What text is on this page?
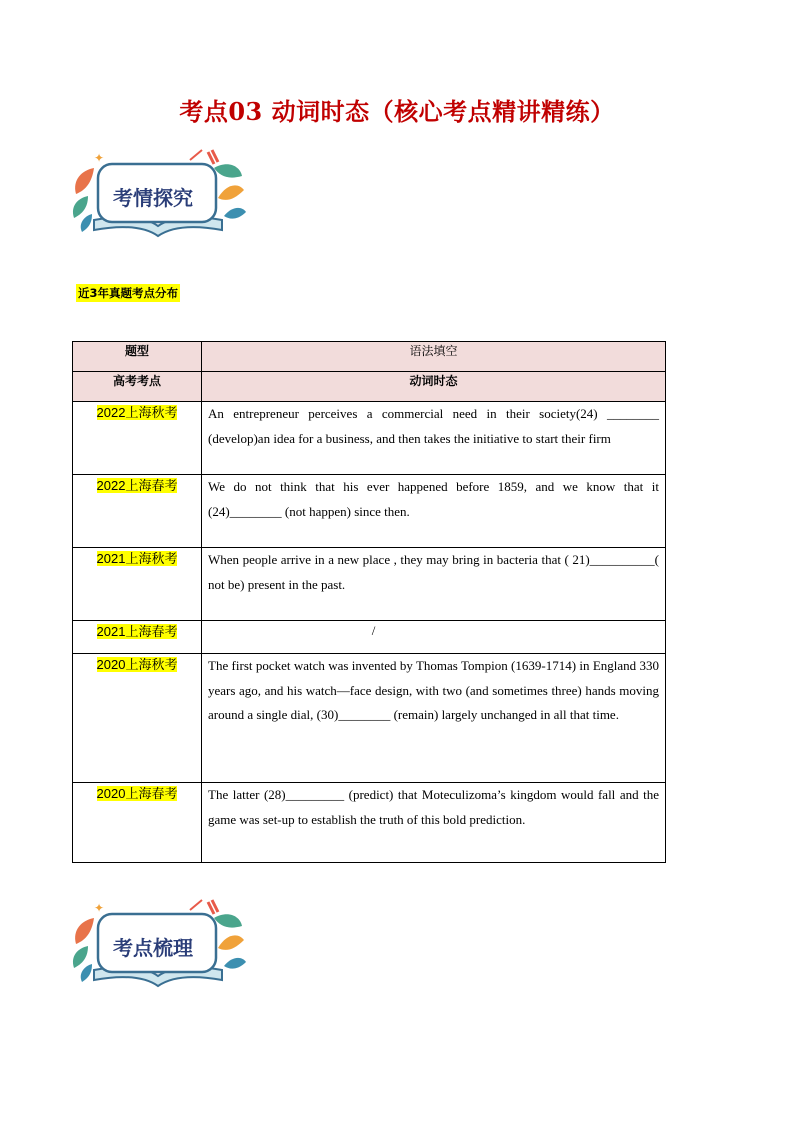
考点03 动词时态（核心考点精讲精练）
✦
考情探究
近3年真题考点分布
题型	语法填空
高考考点	动词时态
2022上海秋考	An entrepreneur perceives a commercial need in their society(24) ________ (develop)an idea for a business, and then takes the initiative to start their firm

2022上海春考	We do not think that his ever happened before 1859, and we know that it (24)________ (not happen) since then.

2021上海秋考	When people arrive in a new place , they may bring in bacteria that ( 21)__________( not be) present in the past.

2021上海春考	/

2020上海秋考	The first pocket watch was invented by Thomas Tompion (1639-1714) in England 330 years ago, and his watch—face design, with two (and sometimes three) hands moving around a single dial, (30)________ (remain) largely unchanged in all that time.

2020上海春考	The latter (28)_________ (predict) that Moteculizoma’s kingdom would fall and the game was set-up to establish the truth of this bold prediction.
✦
考点梳理
